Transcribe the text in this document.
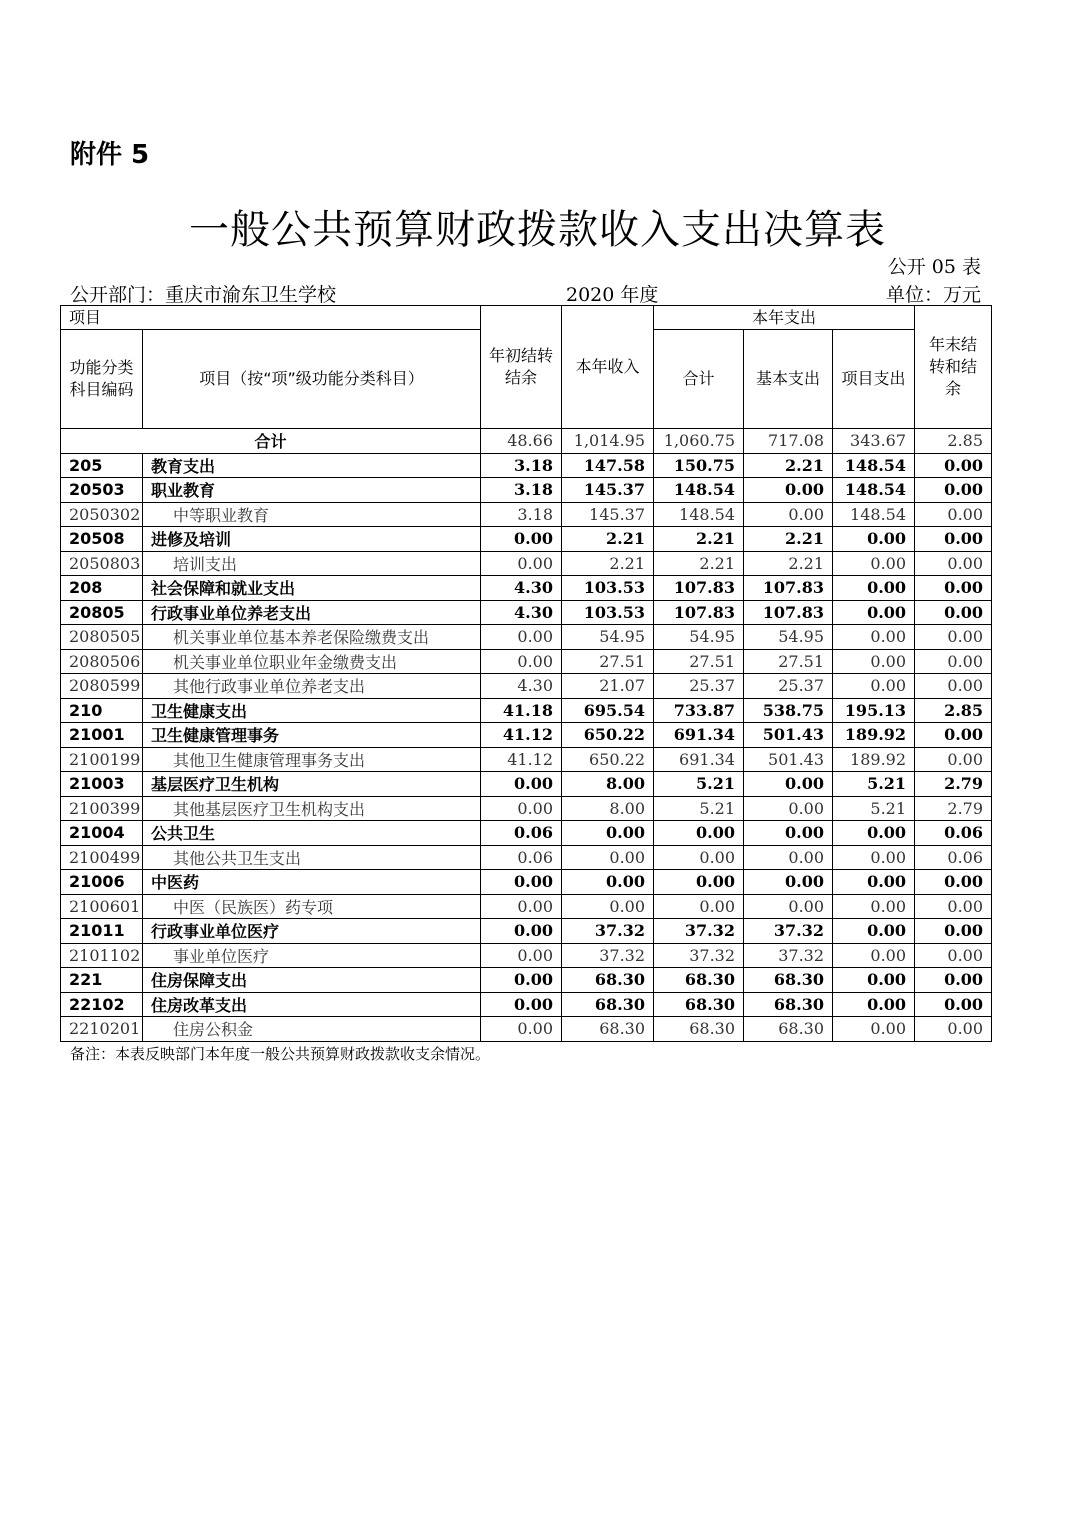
附件 5
一般公共预算财政拨款收入支出决算表
公开 05 表
公开部门：重庆市渝东卫生学校	2020 年度	单位：万元
项目		年初结转结余	本年收入	本年支出			年末结转和结余
功能分类科目编码	项目（按“项”级功能分类科目）			合计	基本支出	项目支出	
合计		48.66	1,014.95	1,060.75	717.08	343.67	2.85
205	教育支出	3.18	147.58	150.75	2.21	148.54	0.00
20503	职业教育	3.18	145.37	148.54	0.00	148.54	0.00
2050302	中等职业教育	3.18	145.37	148.54	0.00	148.54	0.00
20508	进修及培训	0.00	2.21	2.21	2.21	0.00	0.00
2050803	培训支出	0.00	2.21	2.21	2.21	0.00	0.00
208	社会保障和就业支出	4.30	103.53	107.83	107.83	0.00	0.00
20805	行政事业单位养老支出	4.30	103.53	107.83	107.83	0.00	0.00
2080505	机关事业单位基本养老保险缴费支出	0.00	54.95	54.95	54.95	0.00	0.00
2080506	机关事业单位职业年金缴费支出	0.00	27.51	27.51	27.51	0.00	0.00
2080599	其他行政事业单位养老支出	4.30	21.07	25.37	25.37	0.00	0.00
210	卫生健康支出	41.18	695.54	733.87	538.75	195.13	2.85
21001	卫生健康管理事务	41.12	650.22	691.34	501.43	189.92	0.00
2100199	其他卫生健康管理事务支出	41.12	650.22	691.34	501.43	189.92	0.00
21003	基层医疗卫生机构	0.00	8.00	5.21	0.00	5.21	2.79
2100399	其他基层医疗卫生机构支出	0.00	8.00	5.21	0.00	5.21	2.79
21004	公共卫生	0.06	0.00	0.00	0.00	0.00	0.06
2100499	其他公共卫生支出	0.06	0.00	0.00	0.00	0.00	0.06
21006	中医药	0.00	0.00	0.00	0.00	0.00	0.00
2100601	中医（民族医）药专项	0.00	0.00	0.00	0.00	0.00	0.00
21011	行政事业单位医疗	0.00	37.32	37.32	37.32	0.00	0.00
2101102	事业单位医疗	0.00	37.32	37.32	37.32	0.00	0.00
221	住房保障支出	0.00	68.30	68.30	68.30	0.00	0.00
22102	住房改革支出	0.00	68.30	68.30	68.30	0.00	0.00
2210201	住房公积金	0.00	68.30	68.30	68.30	0.00	0.00
备注：本表反映部门本年度一般公共预算财政拨款收支余情况。
